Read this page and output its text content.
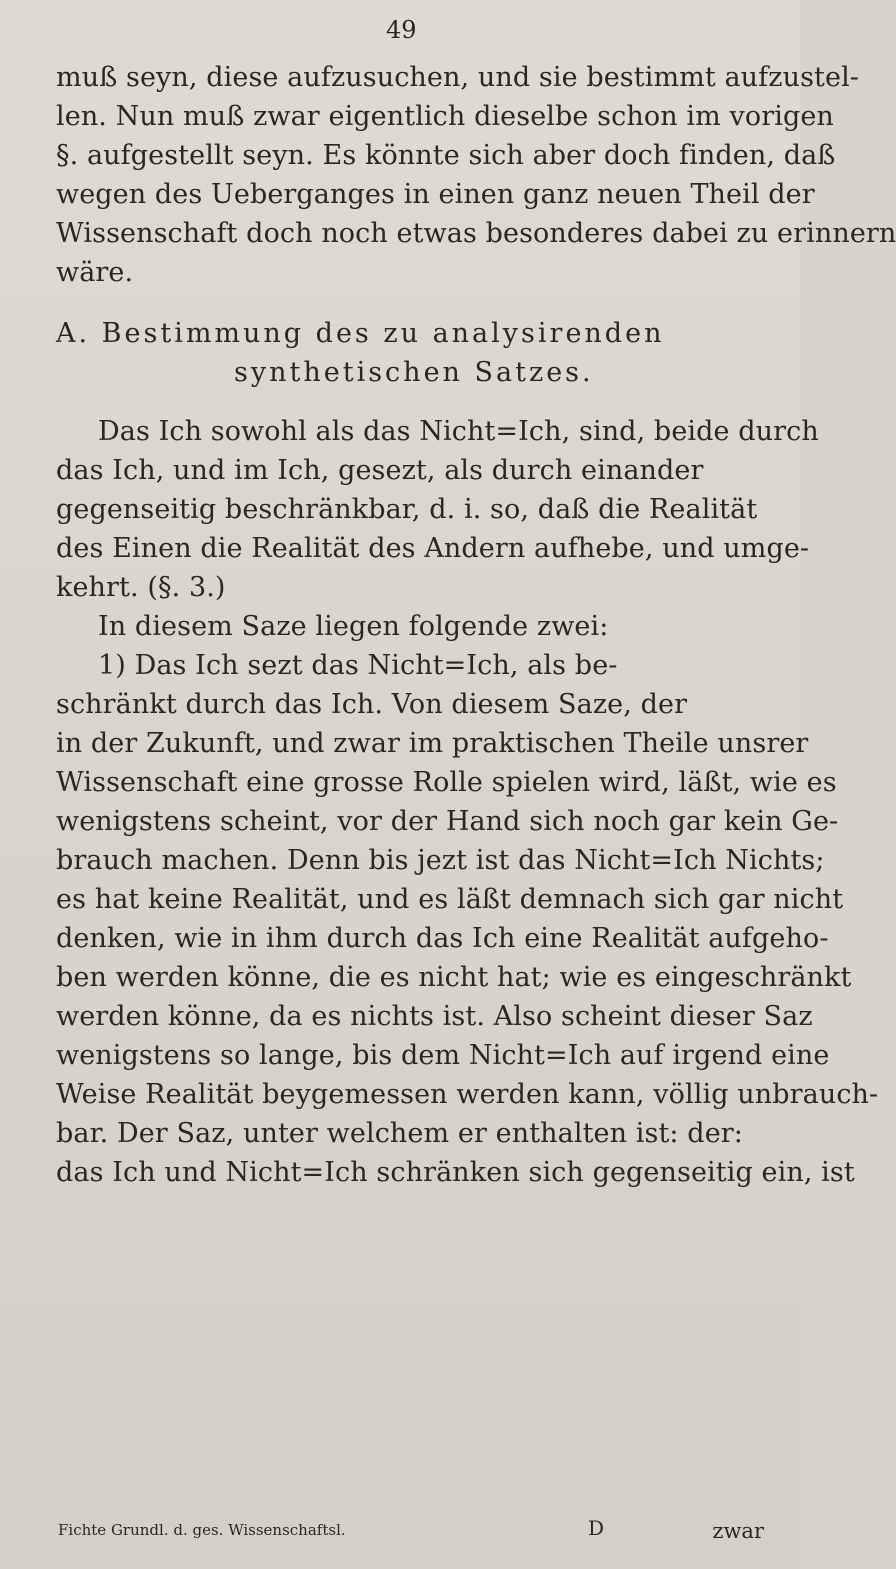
49
muß seyn, diese aufzusuchen, und sie bestimmt aufzustel-
len. Nun muß zwar eigentlich dieselbe schon im vorigen
§. aufgestellt seyn. Es könnte sich aber doch finden, daß
wegen des Ueberganges in einen ganz neuen Theil der
Wissenschaft doch noch etwas besonderes dabei zu erinnern
wäre.
A. Bestimmung des zu analysirenden
synthetischen Satzes.
Das Ich sowohl als das Nicht=Ich, sind, beide durch
das Ich, und im Ich, gesezt, als durch einander
gegenseitig beschränkbar, d. i. so, daß die Realität
des Einen die Realität des Andern aufhebe, und umge-
kehrt. (§. 3.)
In diesem Saze liegen folgende zwei:
1) Das Ich sezt das Nicht=Ich, als be-
schränkt durch das Ich. Von diesem Saze, der
in der Zukunft, und zwar im praktischen Theile unsrer
Wissenschaft eine grosse Rolle spielen wird, läßt, wie es
wenigstens scheint, vor der Hand sich noch gar kein Ge-
brauch machen. Denn bis jezt ist das Nicht=Ich Nichts;
es hat keine Realität, und es läßt demnach sich gar nicht
denken, wie in ihm durch das Ich eine Realität aufgeho-
ben werden könne, die es nicht hat; wie es eingeschränkt
werden könne, da es nichts ist. Also scheint dieser Saz
wenigstens so lange, bis dem Nicht=Ich auf irgend eine
Weise Realität beygemessen werden kann, völlig unbrauch-
bar. Der Saz, unter welchem er enthalten ist: der:
das Ich und Nicht=Ich schränken sich gegenseitig ein, ist
Fichte Grundl. d. ges. Wissenschaftsl.	D	zwar
